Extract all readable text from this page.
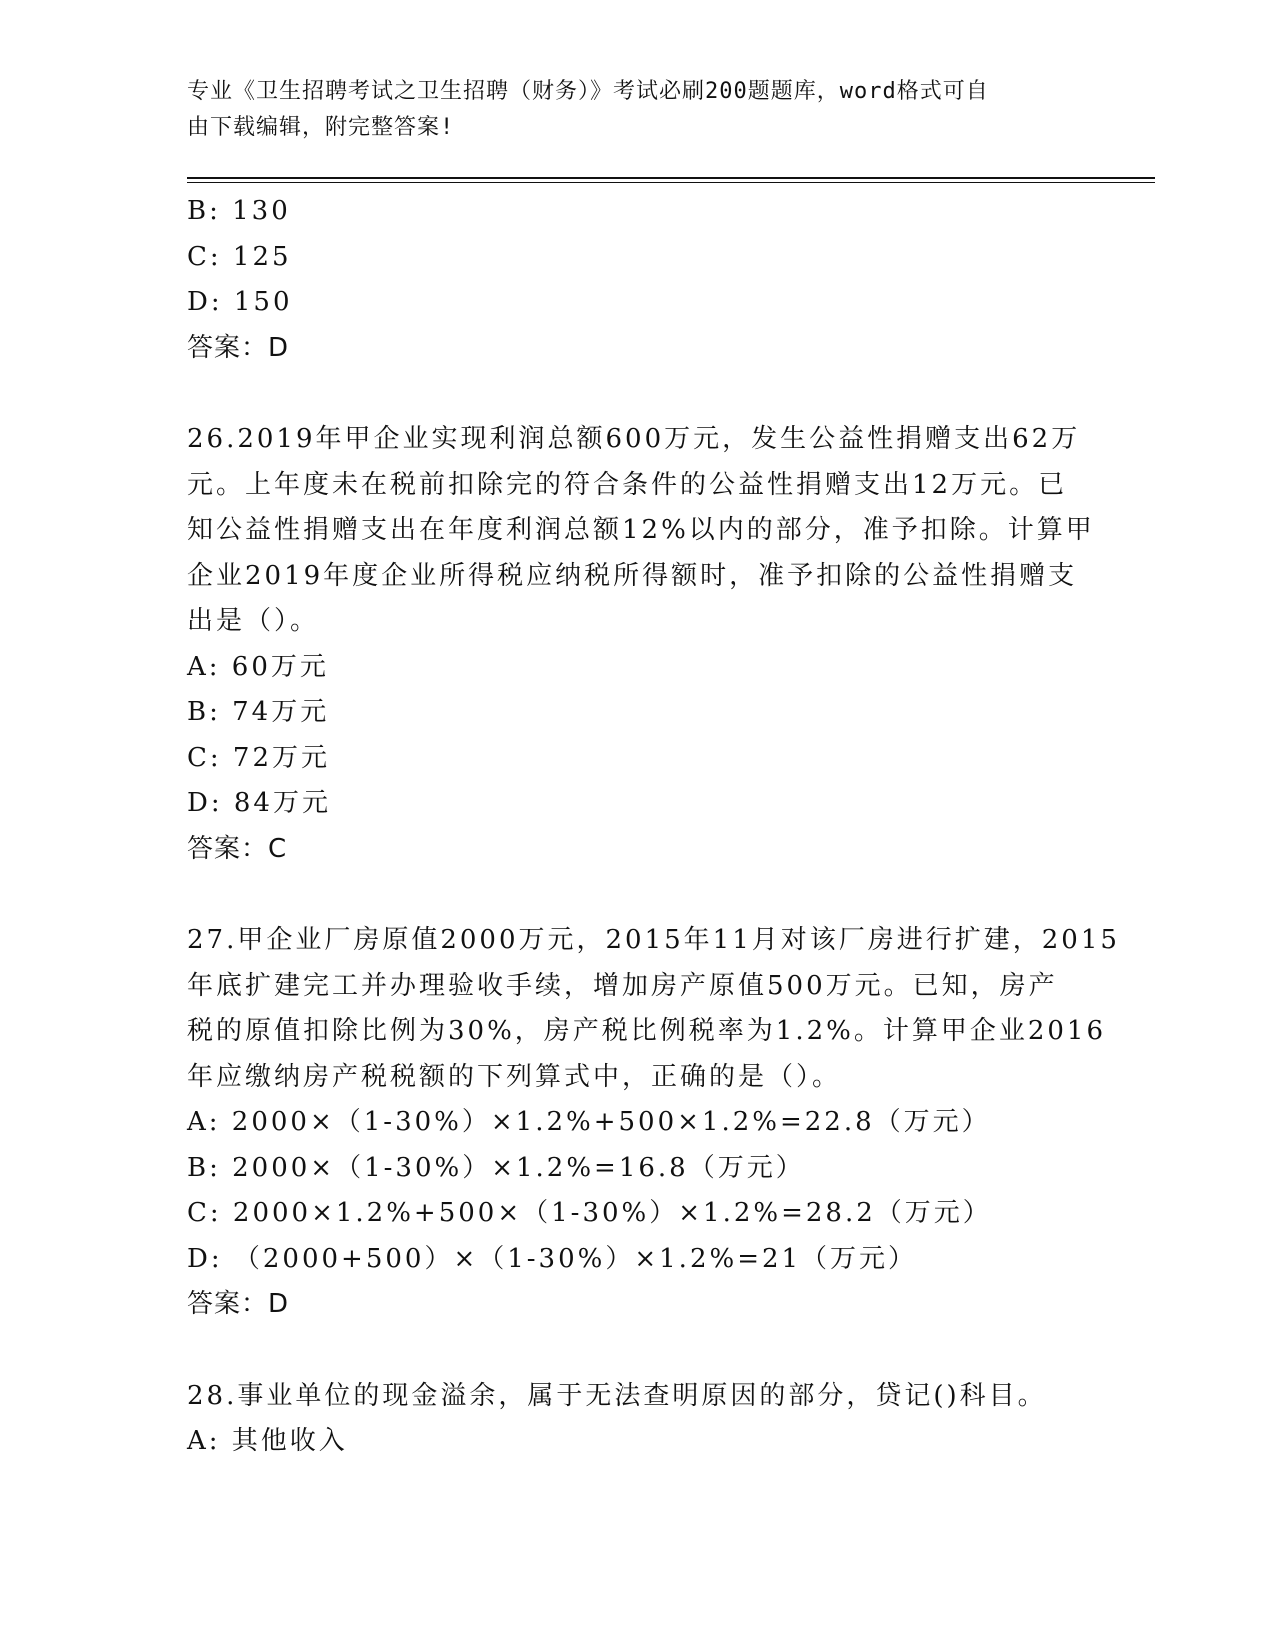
专业《卫生招聘考试之卫生招聘（财务）》考试必刷200题题库，word格式可自
由下载编辑，附完整答案!
B: 130
C: 125
D: 150
答案：D
26.2019年甲企业实现利润总额600万元，发生公益性捐赠支出62万
元。上年度未在税前扣除完的符合条件的公益性捐赠支出12万元。已
知公益性捐赠支出在年度利润总额12%以内的部分，准予扣除。计算甲
企业2019年度企业所得税应纳税所得额时，准予扣除的公益性捐赠支
出是（）。
A: 60万元
B: 74万元
C: 72万元
D: 84万元
答案：C
27.甲企业厂房原值2000万元，2015年11月对该厂房进行扩建，2015
年底扩建完工并办理验收手续，增加房产原值500万元。已知，房产
税的原值扣除比例为30%，房产税比例税率为1.2%。计算甲企业2016
年应缴纳房产税税额的下列算式中，正确的是（）。
A: 2000×（1-30%）×1.2%+500×1.2%=22.8（万元）
B: 2000×（1-30%）×1.2%=16.8（万元）
C: 2000×1.2%+500×（1-30%）×1.2%=28.2（万元）
D: （2000+500）×（1-30%）×1.2%=21（万元）
答案：D
28.事业单位的现金溢余，属于无法查明原因的部分，贷记()科目。
A: 其他收入
